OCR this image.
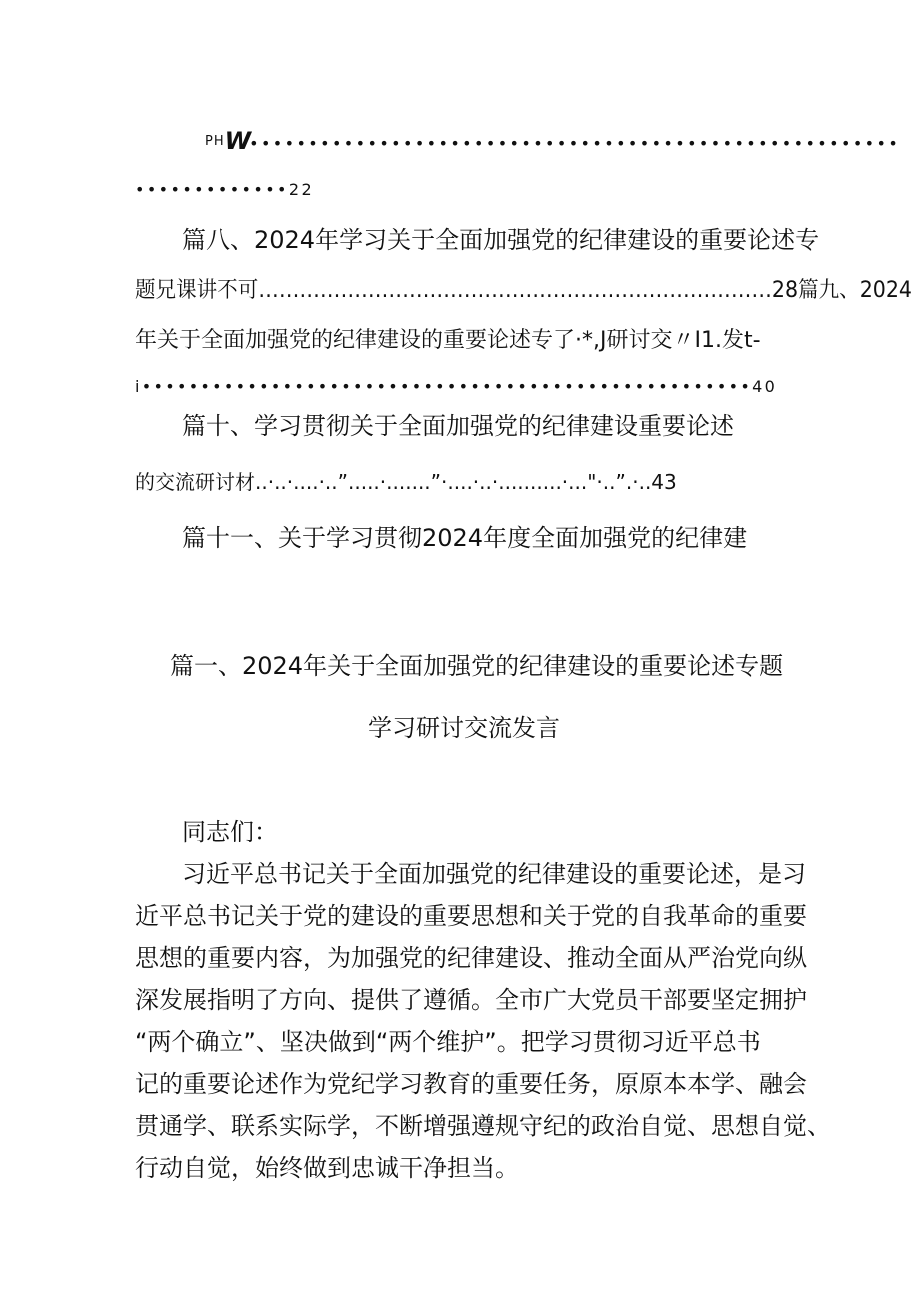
PHW•••••••••••••••••••••••••••••••••••••••••••••••••••••••
•••••••••••••22
篇八、2024年学习关于全面加强党的纪律建设的重要论述专
题兄课讲不可…………………………………………………………………28篇九、2024
年关于全面加强党的纪律建设的重要论述专了·*,J研讨交〃I1.发t-
i••••••••••••••••••••••••••••••••••••••••••••••••••••40
篇十、学习贯彻关于全面加强党的纪律建设重要论述
的交流研讨材..·..·....·..”.....·.......”·....·..·..........·..."·..”.·..43
篇十一、关于学习贯彻2024年度全面加强党的纪律建
篇一、2024年关于全面加强党的纪律建设的重要论述专题
学习研讨交流发言
同志们：
习近平总书记关于全面加强党的纪律建设的重要论述，是习
近平总书记关于党的建设的重要思想和关于党的自我革命的重要
思想的重要内容，为加强党的纪律建设、推动全面从严治党向纵
深发展指明了方向、提供了遵循。全市广大党员干部要坚定拥护
“两个确立”、坚决做到“两个维护”。把学习贯彻习近平总书
记的重要论述作为党纪学习教育的重要任务，原原本本学、融会
贯通学、联系实际学，不断增强遵规守纪的政治自觉、思想自觉、
行动自觉，始终做到忠诚干净担当。
